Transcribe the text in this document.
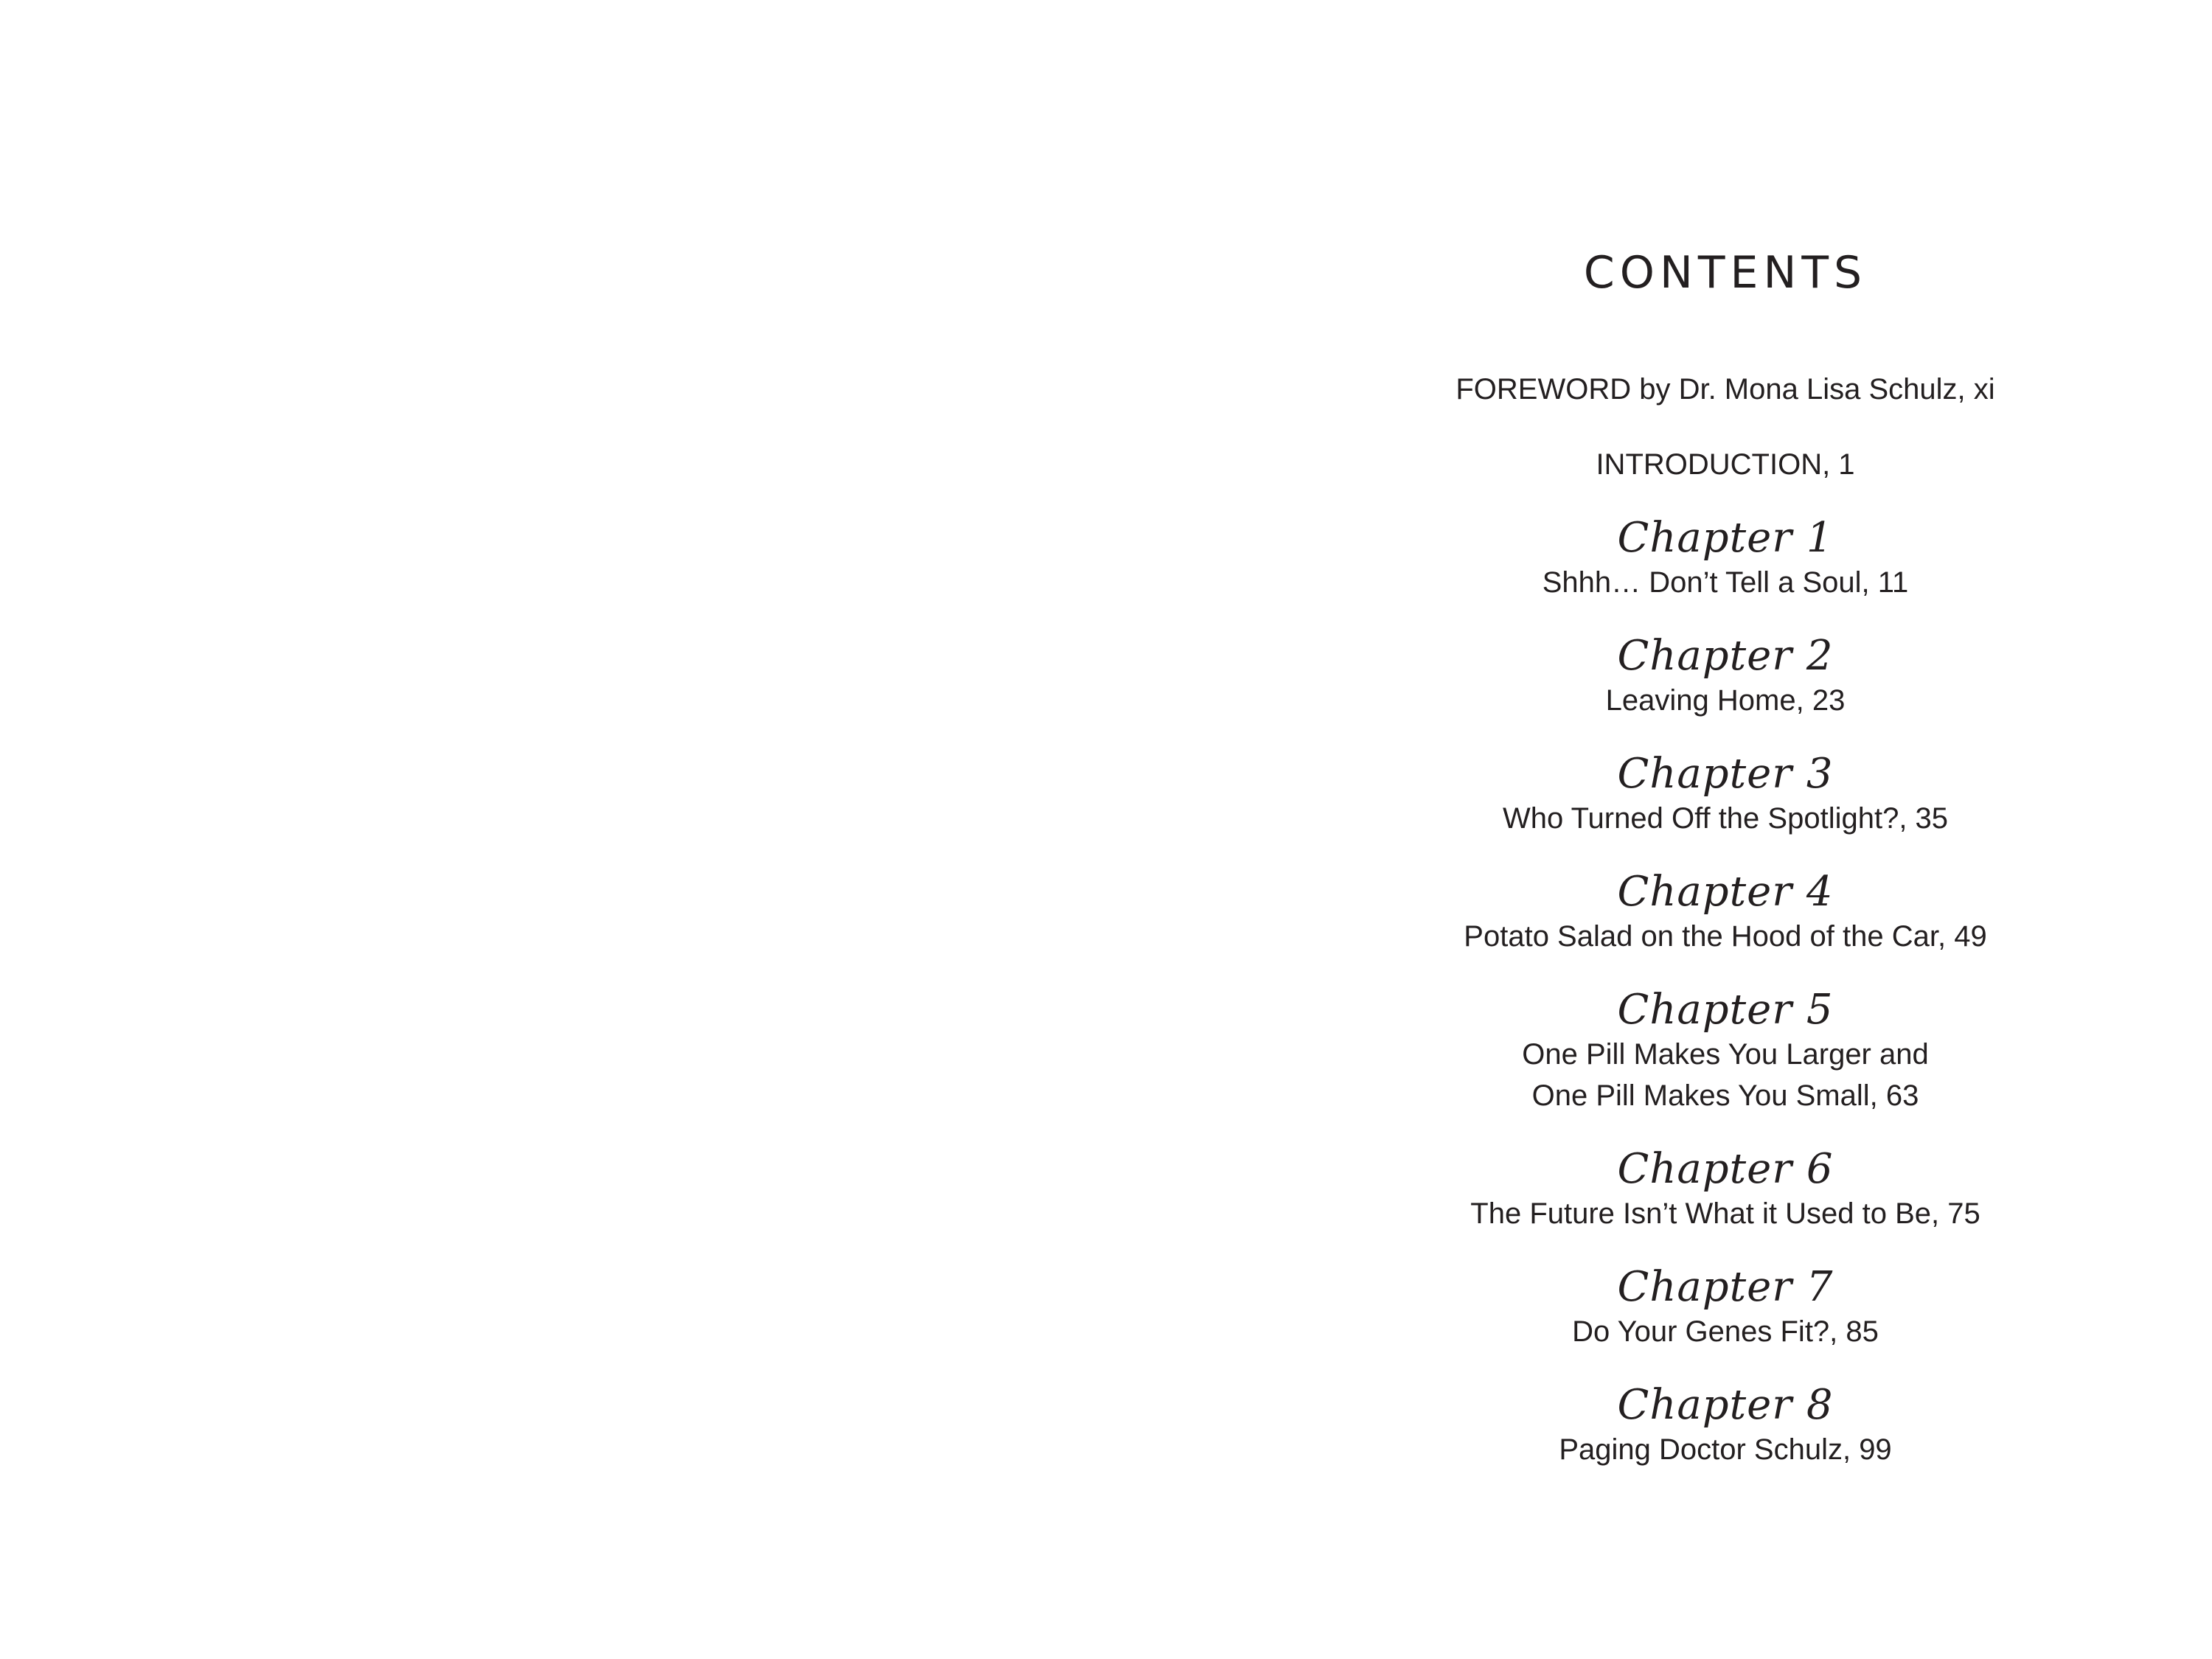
CONTENTS
FOREWORD by Dr. Mona Lisa Schulz, xi
INTRODUCTION, 1
Chapter 1
Shhh… Don’t Tell a Soul, 11
Chapter 2
Leaving Home, 23
Chapter 3
Who Turned Off the Spotlight?, 35
Chapter 4
Potato Salad on the Hood of the Car, 49
Chapter 5
One Pill Makes You Larger and
One Pill Makes You Small, 63
Chapter 6
The Future Isn’t What it Used to Be, 75
Chapter 7
Do Your Genes Fit?, 85
Chapter 8
Paging Doctor Schulz, 99
